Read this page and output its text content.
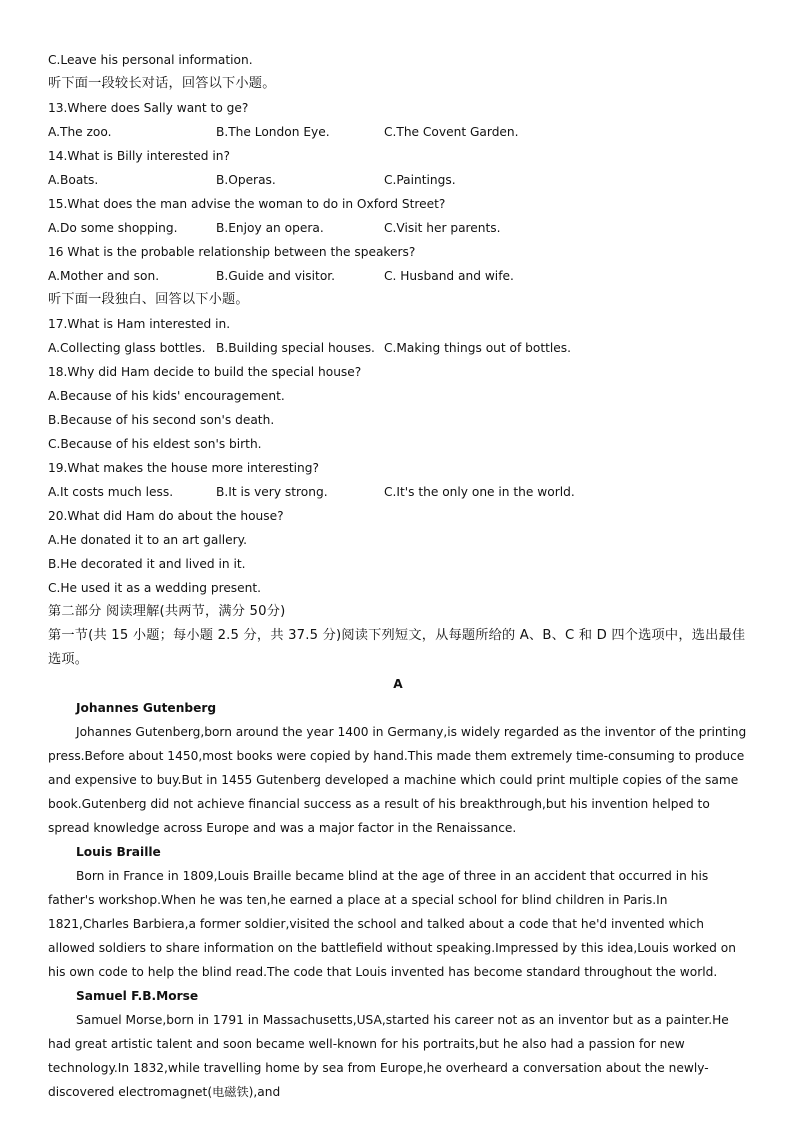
C.Leave his personal information.
听下面一段较长对话，回答以下小题。
13.Where does Sally want to ge?
A.The zoo.	B.The London Eye.	C.The Covent Garden.
14.What is Billy interested in?
A.Boats.	B.Operas.	C.Paintings.
15.What does the man advise the woman to do in Oxford Street?
A.Do some shopping.	B.Enjoy an opera.	C.Visit her parents.
16 What is the probable relationship between the speakers?
A.Mother and son.	B.Guide and visitor.	C. Husband and wife.
听下面一段独白、回答以下小题。
17.What is Ham interested in.
A.Collecting glass bottles. B.Building special houses. C.Making things out of bottles.
18.Why did Ham decide to build the special house?
A.Because of his kids' encouragement.
B.Because of his second son's death.
C.Because of his eldest son's birth.
19.What makes the house more interesting?
A.It costs much less.	B.It is very strong.	C.It's the only one in the world.
20.What did Ham do about the house?
A.He donated it to an art gallery.
B.He decorated it and lived in it.
C.He used it as a wedding present.
第二部分 阅读理解(共两节，满分 50分)
第一节(共 15 小题；每小题 2.5 分，共 37.5 分)阅读下列短文，从每题所给的 A、B、C 和 D 四个选项中，选出最佳选项。
A
Johannes Gutenberg

Johannes Gutenberg,born around the year 1400 in Germany,is widely regarded as the inventor of the printing press.Before about 1450,most books were copied by hand.This made them extremely time-consuming to produce and expensive to buy.But in 1455 Gutenberg developed a machine which could print multiple copies of the same book.Gutenberg did not achieve financial success as a result of his breakthrough,but his invention helped to spread knowledge across Europe and was a major factor in the Renaissance.

Louis Braille

Born in France in 1809,Louis Braille became blind at the age of three in an accident that occurred in his father's workshop.When he was ten,he earned a place at a special school for blind children in Paris.In 1821,Charles Barbiera,a former soldier,visited the school and talked about a code that he'd invented which allowed soldiers to share information on the battlefield without speaking.Impressed by this idea,Louis worked on his own code to help the blind read.The code that Louis invented has become standard throughout the world.

Samuel F.B.Morse

Samuel Morse,born in 1791 in Massachusetts,USA,started his career not as an inventor but as a painter.He had great artistic talent and soon became well-known for his portraits,but he also had a passion for new technology.In 1832,while travelling home by sea from Europe,he overheard a conversation about the newly-discovered electromagnet(电磁铁),and
